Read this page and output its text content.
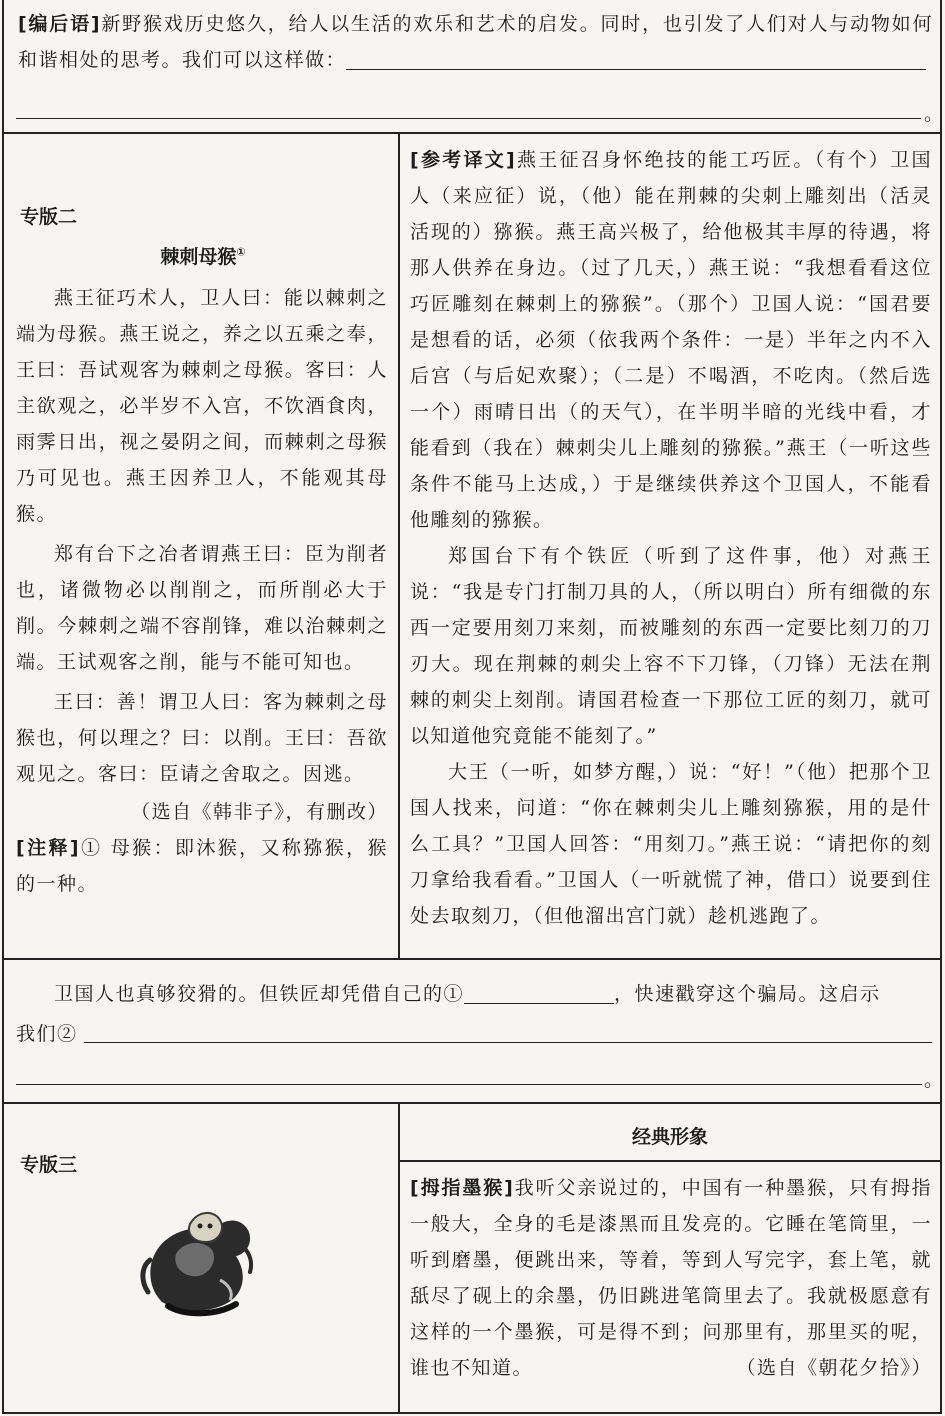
[编后语]新野猴戏历史悠久，给人以生活的欢乐和艺术的启发。同时，也引发了人们对人与动物如何和谐相处的思考。我们可以这样做：

。
专版二
棘刺母猴①

燕王征巧术人，卫人曰：能以棘刺之端为母猴。燕王说之，养之以五乘之奉，王曰：吾试观客为棘刺之母猴。客曰：人主欲观之，必半岁不入宫，不饮酒食肉，雨霁日出，视之晏阴之间，而棘刺之母猴乃可见也。燕王因养卫人，不能观其母猴。

郑有台下之冶者谓燕王曰：臣为削者也，诸微物必以削削之，而所削必大于削。今棘刺之端不容削锋，难以治棘刺之端。王试观客之削，能与不能可知也。

王曰：善！谓卫人曰：客为棘刺之母猴也，何以理之？曰：以削。王曰：吾欲观见之。客曰：臣请之舍取之。因逃。

（选自《韩非子》，有删改）

[注释]① 母猴：即沐猴，又称猕猴，猴的一种。

[参考译文]燕王征召身怀绝技的能工巧匠。（有个）卫国人（来应征）说，（他）能在荆棘的尖刺上雕刻出（活灵活现的）猕猴。燕王高兴极了，给他极其丰厚的待遇，将那人供养在身边。（过了几天，）燕王说：“我想看看这位巧匠雕刻在棘刺上的猕猴”。（那个）卫国人说：“国君要是想看的话，必须（依我两个条件：一是）半年之内不入后宫（与后妃欢聚）；（二是）不喝酒，不吃肉。（然后选一个）雨晴日出（的天气），在半明半暗的光线中看，才能看到（我在）棘刺尖儿上雕刻的猕猴。”燕王（一听这些条件不能马上达成，）于是继续供养这个卫国人，不能看他雕刻的猕猴。

郑国台下有个铁匠（听到了这件事，他）对燕王说：“我是专门打制刀具的人，（所以明白）所有细微的东西一定要用刻刀来刻，而被雕刻的东西一定要比刻刀的刀刃大。现在荆棘的刺尖上容不下刀锋，（刀锋）无法在荆棘的刺尖上刻削。请国君检查一下那位工匠的刻刀，就可以知道他究竟能不能刻了。”

大王（一听，如梦方醒，）说：“好！”（他）把那个卫国人找来，问道：“你在棘刺尖儿上雕刻猕猴，用的是什么工具？”卫国人回答：“用刻刀。”燕王说：“请把你的刻刀拿给我看看。”卫国人（一听就慌了神，借口）说要到住处去取刻刀，（但他溜出宫门就）趁机逃跑了。

卫国人也真够狡猾的。但铁匠却凭借自己的①	，快速戳穿这个骗局。这启示

我们②
。
专版三
经典形象

[拇指墨猴]我听父亲说过的，中国有一种墨猴，只有拇指一般大，全身的毛是漆黑而且发亮的。它睡在笔筒里，一听到磨墨，便跳出来，等着，等到人写完字，套上笔，就舐尽了砚上的余墨，仍旧跳进笔筒里去了。我就极愿意有这样的一个墨猴，可是得不到；问那里有，那里买的呢，谁也不知道。	（选自《朝花夕拾》）
